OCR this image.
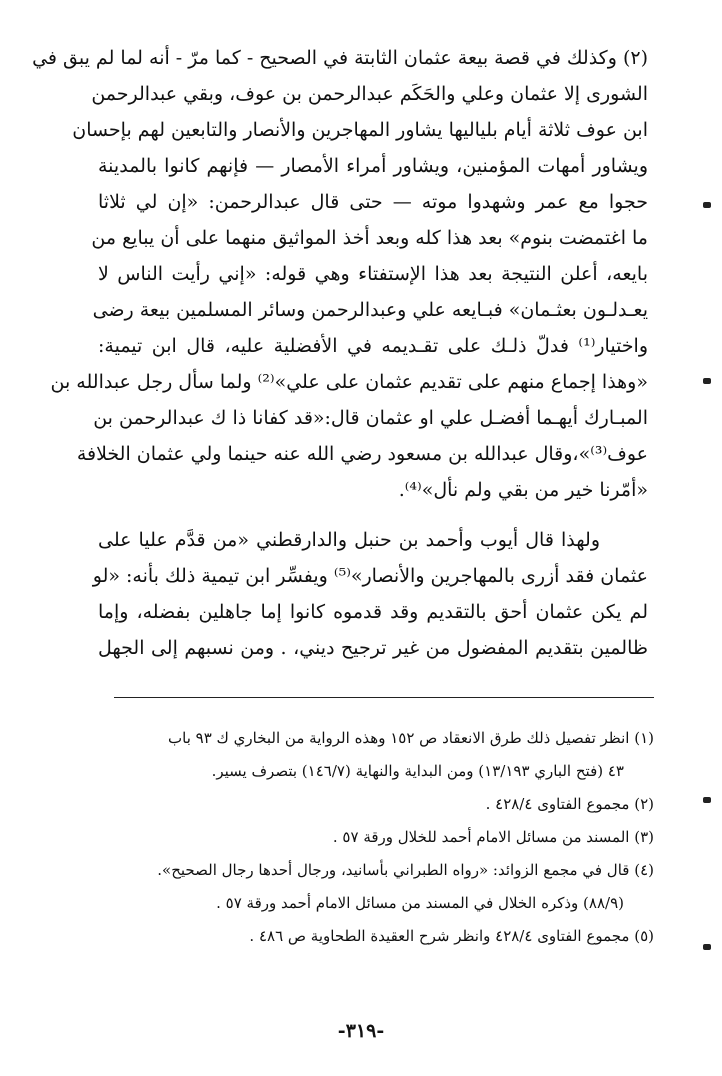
(٢) وكذلك في قصة بيعة عثمان الثابتة في الصحيح - كما مرّ - أنه لما لم يبق في
الشورى إلا عثمان وعلي والحَكَم عبدالرحمن بن عوف، وبقي عبدالرحمن
ابن عوف ثلاثة أيام بلياليها يشاور المهاجرين والأنصار والتابعين لهم بإحسان
ويشاور أمهات المؤمنين، ويشاور أمراء الأمصار — فإنهم كانوا بالمدينة
حجوا مع عمر وشهدوا موته — حتى قال عبدالرحمن: «إن لي ثلاثا
ما اغتمضت بنوم» بعد هذا كله وبعد أخذ المواثيق منهما على أن يبايع من
بايعه، أعلن النتيجة بعد هذا الإستفتاء وهي قوله: «إني رأيت الناس لا
يعـدلـون بعثـمان» فبـايعه علي وعبدالرحمن وسائر المسلمين بيعة رضى
واختيار⁽¹⁾ فدلّ ذلـك على تقـديمه في الأفضلية عليه، قال ابن تيمية:
«وهذا إجماع منهم على تقديم عثمان على علي»⁽²⁾ ولما سأل رجل عبدالله بن
المبـارك أيهـما أفضـل علي او عثمان قال:«قد كفانا ذا ك عبدالرحمن بن
عوف⁽³⁾»،وقال عبدالله بن مسعود رضي الله عنه حينما ولي عثمان الخلافة
«أمّرنا خير من بقي ولم نأل»⁽⁴⁾.
ولهذا قال أيوب وأحمد بن حنبل والدارقطني «من قدَّم عليا على
عثمان فقد أزرى بالمهاجرين والأنصار»⁽⁵⁾ ويفسِّر ابن تيمية ذلك بأنه: «لو
لم يكن عثمان أحق بالتقديم وقد قدموه كانوا إما جاهلين بفضله، وإما
ظالمين بتقديم المفضول من غير ترجيح ديني، . ومن نسبهم إلى الجهل
(١) انظر تفصيل ذلك طرق الانعقاد ص ١٥٢ وهذه الرواية من البخاري ك ٩٣ باب
٤٣ (فتح الباري ١٣/١٩٣) ومن البداية والنهاية (١٤٦/٧) بتصرف يسير.
(٢) مجموع الفتاوى ٤٢٨/٤ .
(٣) المسند من مسائل الامام أحمد للخلال ورقة ٥٧ .
(٤) قال في مجمع الزوائد: «رواه الطبراني بأسانيد، ورجال أحدها رجال الصحيح».
(٨٨/٩) وذكره الخلال في المسند من مسائل الامام أحمد ورقة ٥٧ .
(٥) مجموع الفتاوى ٤٢٨/٤ وانظر شرح العقيدة الطحاوية ص ٤٨٦ .
-٣١٩-
